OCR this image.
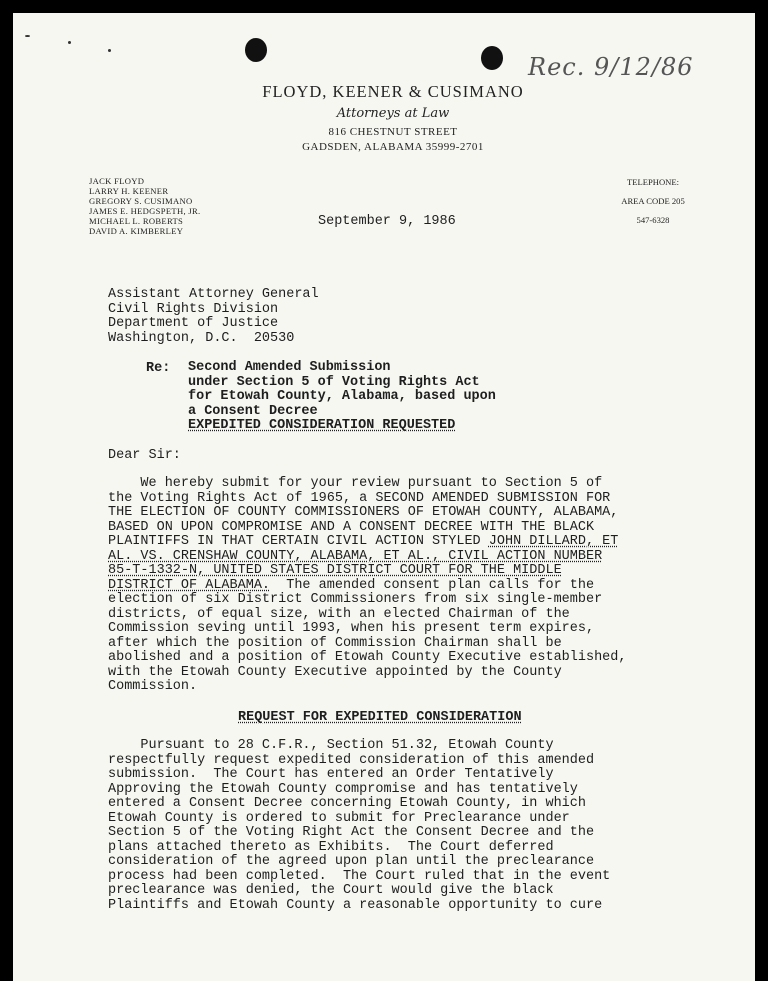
Rec. 9/12/86
FLOYD, KEENER & CUSIMANO
Attorneys at Law
816 CHESTNUT STREET
GADSDEN, ALABAMA 35999-2701
JACK FLOYD
LARRY H. KEENER
GREGORY S. CUSIMANO
JAMES E. HEDGSPETH, JR.
MICHAEL L. ROBERTS
DAVID A. KIMBERLEY
TELEPHONE:
AREA CODE 205
547-6328
September 9, 1986
Assistant Attorney General
Civil Rights Division
Department of Justice
Washington, D.C.  20530
Re: Second Amended Submission
under Section 5 of Voting Rights Act
for Etowah County, Alabama, based upon
a Consent Decree
EXPEDITED CONSIDERATION REQUESTED
Dear Sir:
We hereby submit for your review pursuant to Section 5 of
the Voting Rights Act of 1965, a SECOND AMENDED SUBMISSION FOR
THE ELECTION OF COUNTY COMMISSIONERS OF ETOWAH COUNTY, ALABAMA,
BASED ON UPON COMPROMISE AND A CONSENT DECREE WITH THE BLACK
PLAINTIFFS IN THAT CERTAIN CIVIL ACTION STYLED JOHN DILLARD, ET
AL. VS. CRENSHAW COUNTY, ALABAMA, ET AL., CIVIL ACTION NUMBER
85-T-1332-N, UNITED STATES DISTRICT COURT FOR THE MIDDLE
DISTRICT OF ALABAMA.  The amended consent plan calls for the
election of six District Commissioners from six single-member
districts, of equal size, with an elected Chairman of the
Commission seving until 1993, when his present term expires,
after which the position of Commission Chairman shall be
abolished and a position of Etowah County Executive established,
with the Etowah County Executive appointed by the County
Commission.
REQUEST FOR EXPEDITED CONSIDERATION
Pursuant to 28 C.F.R., Section 51.32, Etowah County
respectfully request expedited consideration of this amended
submission.  The Court has entered an Order Tentatively
Approving the Etowah County compromise and has tentatively
entered a Consent Decree concerning Etowah County, in which
Etowah County is ordered to submit for Preclearance under
Section 5 of the Voting Right Act the Consent Decree and the
plans attached thereto as Exhibits.  The Court deferred
consideration of the agreed upon plan until the preclearance
process had been completed.  The Court ruled that in the event
preclearance was denied, the Court would give the black
Plaintiffs and Etowah County a reasonable opportunity to cure
